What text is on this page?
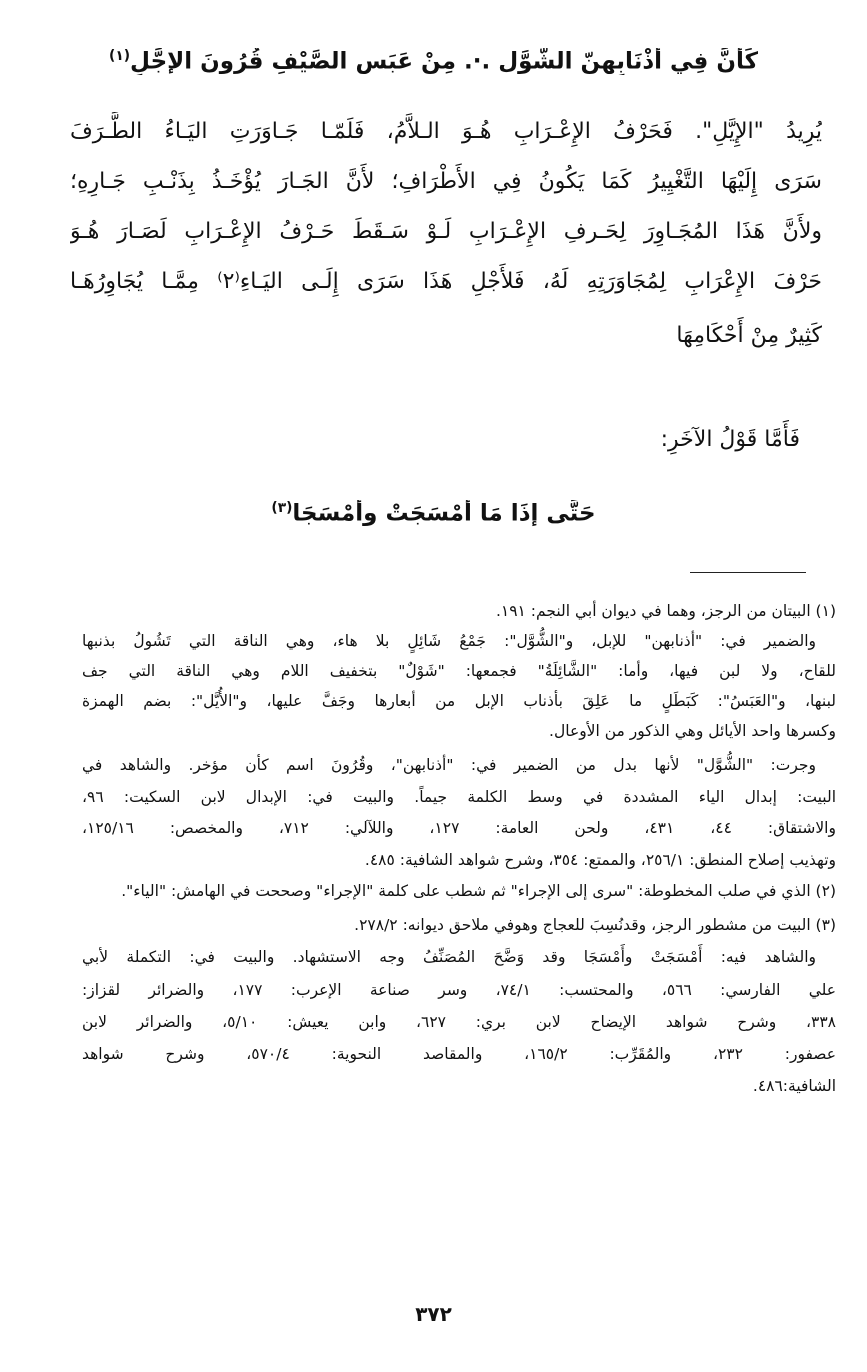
كَأَنَّ فِي أَذْنَابِهِنّ الشُّوَّل .·. مِنْ عَبَسِ الصَّيْفِ قُرُونَ الإِجَّلِ$^{(١)}$
يُرِيدُ "الإِيَّلِ". فَحَرْفُ الإِعْـرَابِ هُـوَ الـلاَّمُ، فَلَمّـا جَـاوَرَتِ اليَـاءُ الطَّـرَفَ
سَرَى إِلَيْهَا التَّغْيِيرُ كَمَا يَكُونُ فِي الأَطْرَافِ؛ لأَنَّ الجَـارَ يُؤْخَـذُ بِذَنْـبِ جَـارِهِ؛
ولأَنَّ هَذَا المُجَـاوِرَ لِحَـرفِ الإِعْـرَابِ لَـوْ سَـقَطَ حَـرْفُ الإِعْـرَابِ لَصَـارَ هُـوَ
حَرْفَ الإِعْرَابِ لِمُجَاوَرَتِهِ لَهُ، فَلأَجْلِ هَذَا سَرَى إِلَـى اليَـاءِ⁽٢⁾ مِمَّـا يُجَاوِرُهَـا
كَثِيرٌ مِنْ أَحْكَامِهَا
فَأَمَّا قَوْلُ الآخَرِ:
حَتَّى إِذَا مَا أَمْسَجَتْ وأَمْسَجَا$^{(٣)}$
(١) البيتان من الرجز، وهما في ديوان أبي النجم: ١٩١.
والضمير في: "أذنابهن" للإبل، و"الشُّوَّل": جَمْعُ شَائِلٍ بلا هاء، وهي الناقة التي تَشُولُ بذنبها
للقاح، ولا لبن فيها، وأما: "الشَّائِلَةُ" فجمعها: "شَوْلٌ" بتخفيف اللام وهي الناقة التي جف
لبنها، و"العَبَسُ": كَبَطَلٍ ما عَلِقَ بأذناب الإبل من أبعارها وجَفَّ عليها، و"الأُيَّل": بضم الهمزة
وكسرها واحد الأيائل وهي الذكور من الأوعال.
وجرت: "الشُّوَّل" لأنها بدل من الضمير في: "أذنابهن"، وقُرُونَ اسم كأن مؤخر. والشاهد في
البيت: إبدال الياء المشددة في وسط الكلمة جيماً. والبيت في: الإبدال لابن السكيت: ٩٦،
والاشتقاق: ٤٤، ٤٣١، ولحن العامة: ١٢٧، واللآلي: ٧١٢، والمخصص: ١٢٥/١٦،
وتهذيب إصلاح المنطق: ٢٥٦/١، والممتع: ٣٥٤، وشرح شواهد الشافية: ٤٨٥.
(٢) الذي في صلب المخطوطة: "سرى إلى الإجراء" ثم شطب على كلمة "الإجراء" وصححت في الهامش: "الياء".
(٣) البيت من مشطور الرجز، وقدنُسِبَ للعجاج وهوفي ملاحق ديوانه: ٢٧٨/٢.
والشاهد فيه: أَمْسَجَتْ وأَمْسَجَا وقد وَضَّحَ المُصَنِّفُ وجه الاستشهاد. والبيت في: التكملة لأبي
علي الفارسي: ٥٦٦، والمحتسب: ٧٤/١، وسر صناعة الإعرب: ١٧٧، والضرائر لقزاز:
٣٣٨، وشرح شواهد الإيضاح لابن بري: ٦٢٧، وابن يعيش: ٥/١٠، والضرائر لابن
عصفور: ٢٣٢، والمُقَرِّب: ١٦٥/٢، والمقاصد النحوية: ٥٧٠/٤، وشرح شواهد
الشافية:٤٨٦.
٣٧٢
